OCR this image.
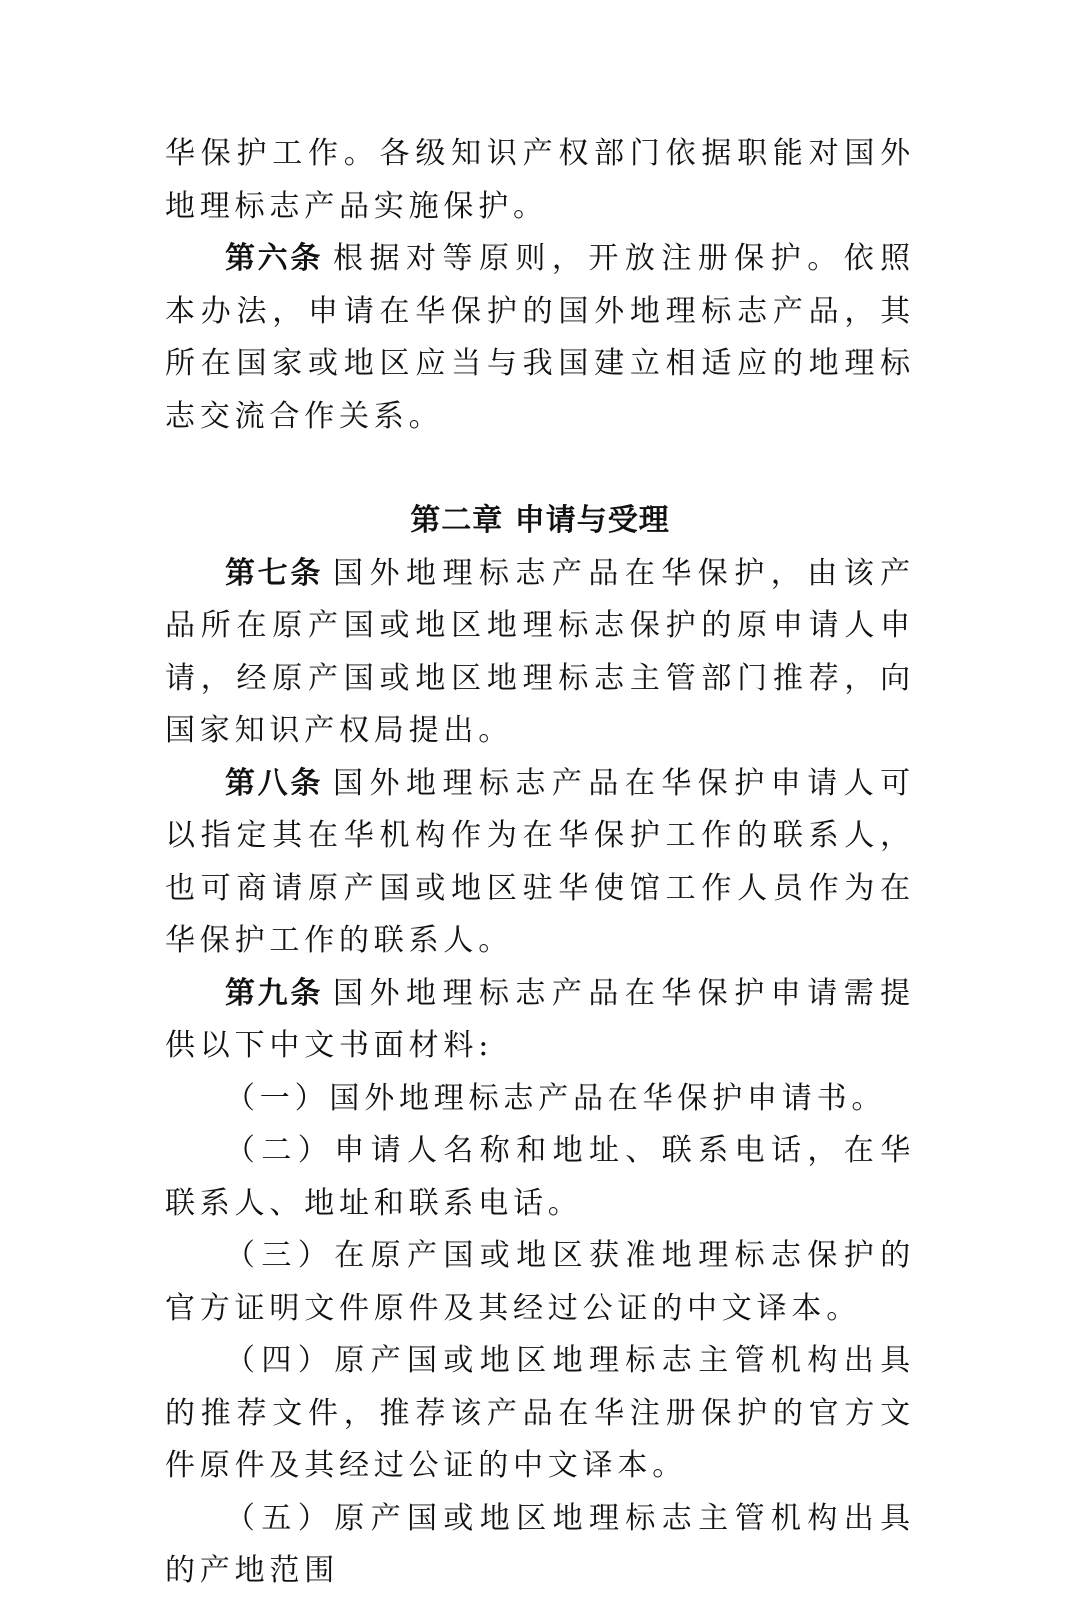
华保护工作。各级知识产权部门依据职能对国外地理标志产品实施保护。

第六条 根据对等原则，开放注册保护。依照本办法，申请在华保护的国外地理标志产品，其所在国家或地区应当与我国建立相适应的地理标志交流合作关系。

第二章 申请与受理

第七条 国外地理标志产品在华保护，由该产品所在原产国或地区地理标志保护的原申请人申请，经原产国或地区地理标志主管部门推荐，向国家知识产权局提出。

第八条 国外地理标志产品在华保护申请人可以指定其在华机构作为在华保护工作的联系人，也可商请原产国或地区驻华使馆工作人员作为在华保护工作的联系人。

第九条 国外地理标志产品在华保护申请需提供以下中文书面材料:

（一）国外地理标志产品在华保护申请书。

（二）申请人名称和地址、联系电话，在华联系人、地址和联系电话。

（三）在原产国或地区获准地理标志保护的官方证明文件原件及其经过公证的中文译本。

（四）原产国或地区地理标志主管机构出具的推荐文件，推荐该产品在华注册保护的官方文件原件及其经过公证的中文译本。

（五）原产国或地区地理标志主管机构出具的产地范围
